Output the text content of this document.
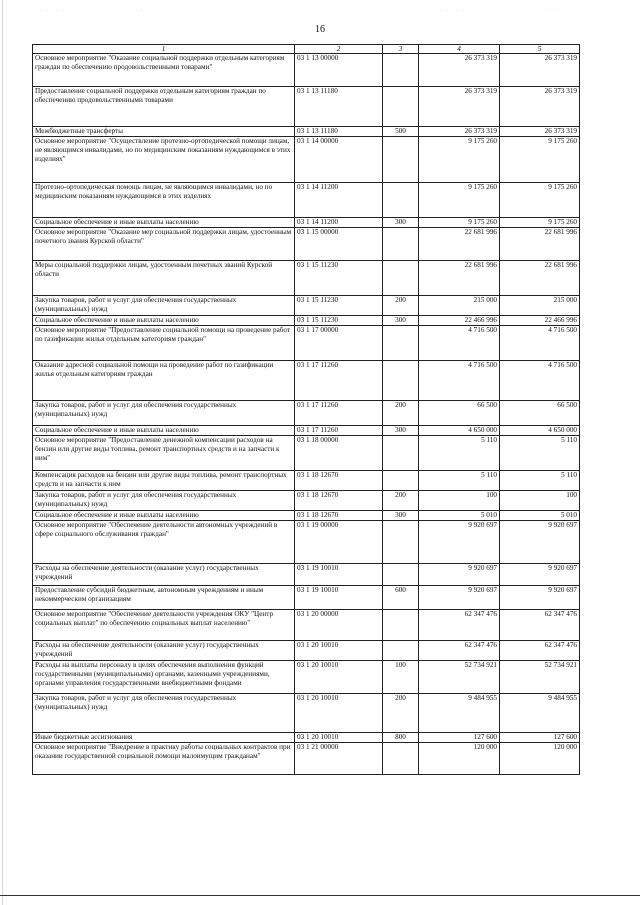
· · · · · ·	· · · ·	· · · · ·	· · · ·
16
1	2	3	4	5
Основное мероприятие "Оказание социальной поддержки отдельным категориям граждан по обеспечению продовольственными товарами"	03 1 13 00000		26 373 319	26 373 319
Предоставление социальной поддержки отдельным категориям граждан по обеспечению продовольственными товарами	03 1 13 11180		26 373 319	26 373 319
Межбюджетные трансферты	03 1 13 11180	500	26 373 319	26 373 319
Основное мероприятие "Осуществление протезно-ортопедической помощи лицам, не являющимся инвалидами, но по медицинским показаниям нуждающимся в этих изделиях"	03 1 14 00000		9 175 260	9 175 260
Протезно-ортопедическая помощь лицам, не являющимся инвалидами, но по медицинским показаниям нуждающимся в этих изделиях	03 1 14 11200		9 175 260	9 175 260
Социальное обеспечение и иные выплаты населению	03 1 14 11200	300	9 175 260	9 175 260
Основное мероприятие "Оказание мер социальной поддержки лицам, удостоенным почетного звания Курской области"	03 1 15 00000		22 681 996	22 681 996
Меры социальной поддержки лицам, удостоенным почетных званий Курской области	03 1 15 11230		22 681 996	22 681 996
Закупка товаров, работ и услуг для обеспечения государственных (муниципальных) нужд	03 1 15 11230	200	215 000	215 000
Социальное обеспечение и иные выплаты населению	03 1 15 11230	300	22 466 996	22 466 996
Основное мероприятие "Предоставление социальной помощи на проведение работ по газификации жилья отдельным категориям граждан"	03 1 17 00000		4 716 500	4 716 500
Оказание адресной социальной помощи на проведение работ по газификации жилья отдельным категориям граждан	03 1 17 11260		4 716 500	4 716 500
Закупка товаров, работ и услуг для обеспечения государственных (муниципальных) нужд	03 1 17 11260	200	66 500	66 500
Социальное обеспечение и иные выплаты населению	03 1 17 11260	300	4 650 000	4 650 000
Основное мероприятие "Предоставление денежной компенсации расходов на бензин или другие виды топлива, ремонт транспортных средств и на запчасти к ним"	03 1 18 00000		5 110	5 110
Компенсация расходов на бензин или другие виды топлива, ремонт транспортных средств и на запчасти к ним	03 1 18 12670		5 110	5 110
Закупка товаров, работ и услуг для обеспечения государственных (муниципальных) нужд	03 1 18 12670	200	100	100
Социальное обеспечение и иные выплаты населению	03 1 18 12670	300	5 010	5 010
Основное мероприятие "Обеспечение деятельности автономных учреждений в сфере социального обслуживания граждан"	03 1 19 00000		9 920 697	9 920 697
Расходы на обеспечение деятельности (оказание услуг) государственных учреждений	03 1 19 10010		9 920 697	9 920 697
Предоставление субсидий бюджетным, автономным учреждениям и иным некоммерческим организациям	03 1 19 10010	600	9 920 697	9 920 697
Основное мероприятие "Обеспечение деятельности учреждения ОКУ "Центр социальных выплат" по обеспечению социальных выплат населению"	03 1 20 00000		62 347 476	62 347 476
Расходы на обеспечение деятельности (оказание услуг) государственных учреждений	03 1 20 10010		62 347 476	62 347 476
Расходы на выплаты персоналу в целях обеспечения выполнения функций государственными (муниципальными) органами, казенными учреждениями, органами управления государственными внебюджетными фондами	03 1 20 10010	100	52 734 921	52 734 921
Закупка товаров, работ и услуг для обеспечения государственных (муниципальных) нужд	03 1 20 10010	200	9 484 955	9 484 955
Иные бюджетные ассигнования	03 1 20 10010	800	127 600	127 600
Основное мероприятие "Внедрение в практику работы социальных контрактов при оказании государственной социальной помощи малоимущим гражданам"	03 1 21 00000		120 000	120 000
